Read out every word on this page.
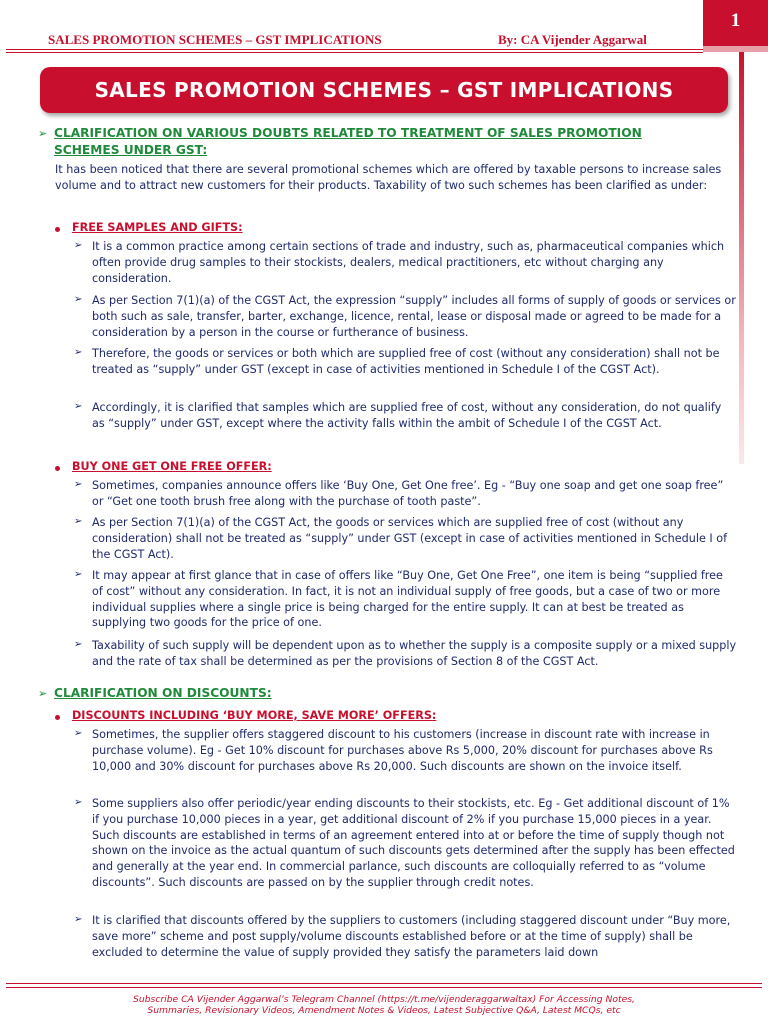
1
SALES PROMOTION SCHEMES – GST IMPLICATIONS	By: CA Vijender Aggarwal
SALES PROMOTION SCHEMES – GST IMPLICATIONS
➢ CLARIFICATION ON VARIOUS DOUBTS RELATED TO TREATMENT OF SALES PROMOTION
SCHEMES UNDER GST:
It has been noticed that there are several promotional schemes which are offered by taxable persons to increase sales volume and to attract new customers for their products. Taxability of two such schemes has been clarified as under:
FREE SAMPLES AND GIFTS:
➢ It is a common practice among certain sections of trade and industry, such as, pharmaceutical companies which often provide drug samples to their stockists, dealers, medical practitioners, etc without charging any consideration.
➢ As per Section 7(1)(a) of the CGST Act, the expression “supply” includes all forms of supply of goods or services or both such as sale, transfer, barter, exchange, licence, rental, lease or disposal made or agreed to be made for a consideration by a person in the course or furtherance of business.
➢ Therefore, the goods or services or both which are supplied free of cost (without any consideration) shall not be treated as “supply” under GST (except in case of activities mentioned in Schedule I of the CGST Act).
➢ Accordingly, it is clarified that samples which are supplied free of cost, without any consideration, do not qualify as “supply” under GST, except where the activity falls within the ambit of Schedule I of the CGST Act.
BUY ONE GET ONE FREE OFFER:
➢ Sometimes, companies announce offers like ‘Buy One, Get One free’. Eg - “Buy one soap and get one soap free” or “Get one tooth brush free along with the purchase of tooth paste”.
➢ As per Section 7(1)(a) of the CGST Act, the goods or services which are supplied free of cost (without any consideration) shall not be treated as “supply” under GST (except in case of activities mentioned in Schedule I of the CGST Act).
➢ It may appear at first glance that in case of offers like “Buy One, Get One Free”, one item is being “supplied free of cost” without any consideration. In fact, it is not an individual supply of free goods, but a case of two or more individual supplies where a single price is being charged for the entire supply. It can at best be treated as supplying two goods for the price of one.
➢ Taxability of such supply will be dependent upon as to whether the supply is a composite supply or a mixed supply and the rate of tax shall be determined as per the provisions of Section 8 of the CGST Act.
➢ CLARIFICATION ON DISCOUNTS:
DISCOUNTS INCLUDING ‘BUY MORE, SAVE MORE’ OFFERS:
➢ Sometimes, the supplier offers staggered discount to his customers (increase in discount rate with increase in purchase volume). Eg - Get 10% discount for purchases above Rs 5,000, 20% discount for purchases above Rs 10,000 and 30% discount for purchases above Rs 20,000. Such discounts are shown on the invoice itself.
➢ Some suppliers also offer periodic/year ending discounts to their stockists, etc. Eg - Get additional discount of 1% if you purchase 10,000 pieces in a year, get additional discount of 2% if you purchase 15,000 pieces in a year. Such discounts are established in terms of an agreement entered into at or before the time of supply though not shown on the invoice as the actual quantum of such discounts gets determined after the supply has been effected and generally at the year end. In commercial parlance, such discounts are colloquially referred to as “volume discounts”. Such discounts are passed on by the supplier through credit notes.
➢ It is clarified that discounts offered by the suppliers to customers (including staggered discount under “Buy more, save more” scheme and post supply/volume discounts established before or at the time of supply) shall be excluded to determine the value of supply provided they satisfy the parameters laid down
Subscribe CA Vijender Aggarwal’s Telegram Channel (https://t.me/vijenderaggarwaltax) For Accessing Notes,
Summaries, Revisionary Videos, Amendment Notes & Videos, Latest Subjective Q&A, Latest MCQs, etc
